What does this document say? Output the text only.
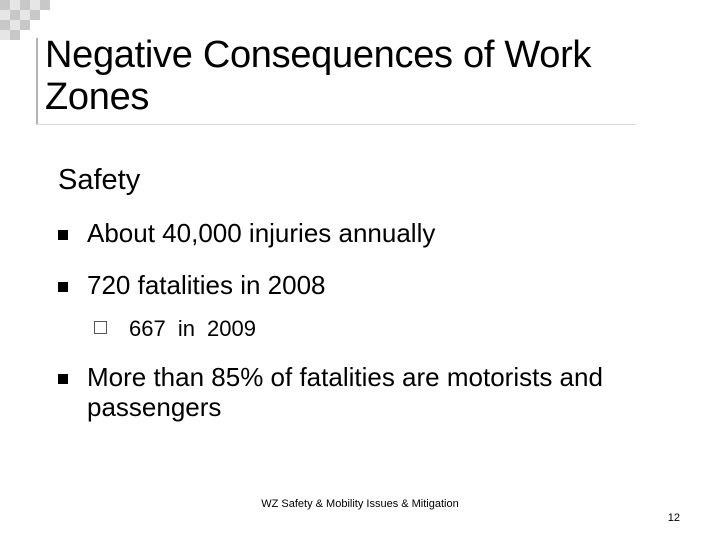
Negative Consequences of Work Zones
Safety
About 40,000 injuries annually
720 fatalities in 2008
667 in 2009
More than 85% of fatalities are motorists and passengers
WZ Safety & Mobility Issues & Mitigation
12
